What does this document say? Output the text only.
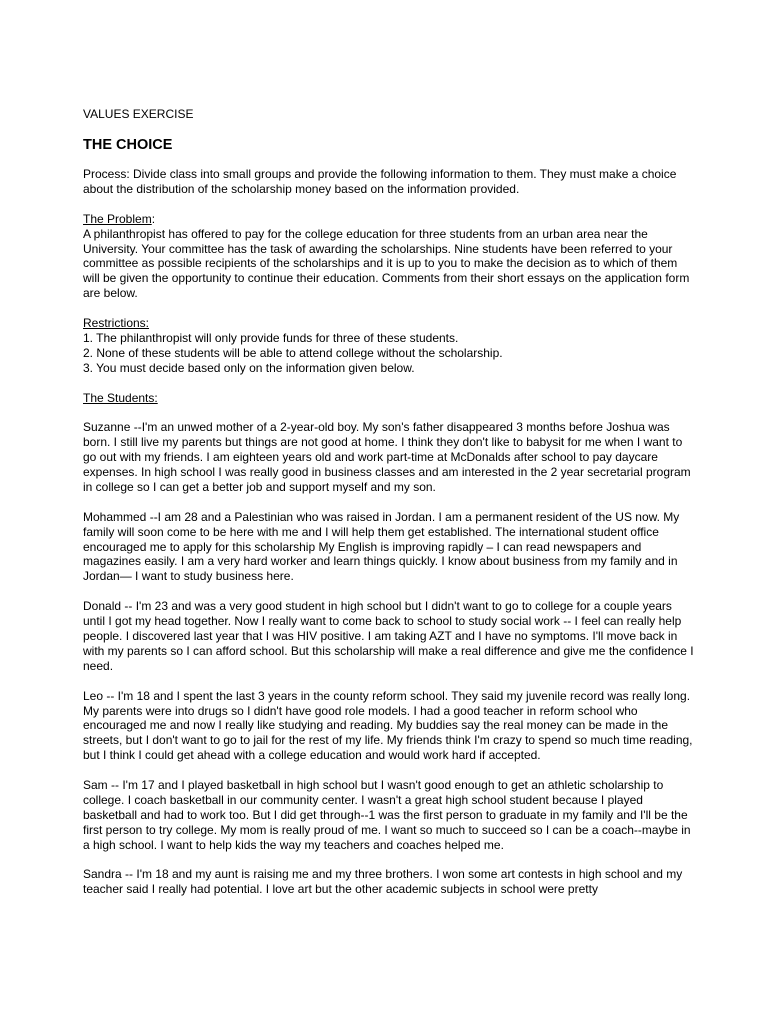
VALUES EXERCISE
THE CHOICE

Process: Divide class into small groups and provide the following information to them. They must make a choice about the distribution of the scholarship money based on the information provided.

The Problem:

A philanthropist has offered to pay for the college education for three students from an urban area near the University. Your committee has the task of awarding the scholarships. Nine students have been referred to your committee as possible recipients of the scholarships and it is up to you to make the decision as to which of them will be given the opportunity to continue their education. Comments from their short essays on the application form are below.

Restrictions:

1. The philanthropist will only provide funds for three of these students.
2. None of these students will be able to attend college without the scholarship.
3. You must decide based only on the information given below.

The Students:

Suzanne --I'm an unwed mother of a 2-year-old boy. My son's father disappeared 3 months before Joshua was born. I still live my parents but things are not good at home. I think they don't like to babysit for me when I want to go out with my friends. I am eighteen years old and work part-time at McDonalds after school to pay daycare expenses. In high school I was really good in business classes and am interested in the 2 year secretarial program in college so I can get a better job and support myself and my son.

Mohammed --I am 28 and a Palestinian who was raised in Jordan. I am a permanent resident of the US now. My family will soon come to be here with me and I will help them get established. The international student office encouraged me to apply for this scholarship My English is improving rapidly – I can read newspapers and magazines easily. I am a very hard worker and learn things quickly. I know about business from my family and in Jordan— I want to study business here.

Donald -- I'm 23 and was a very good student in high school but I didn't want to go to college for a couple years until I got my head together. Now I really want to come back to school to study social work -- I feel can really help people. I discovered last year that I was HIV positive. I am taking AZT and I have no symptoms. I'll move back in with my parents so I can afford school. But this scholarship will make a real difference and give me the confidence I need.

Leo -- I'm 18 and I spent the last 3 years in the county reform school. They said my juvenile record was really long. My parents were into drugs so I didn't have good role models. I had a good teacher in reform school who encouraged me and now I really like studying and reading. My buddies say the real money can be made in the streets, but I don't want to go to jail for the rest of my life. My friends think I'm crazy to spend so much time reading, but I think I could get ahead with a college education and would work hard if accepted.

Sam -- I'm 17 and I played basketball in high school but I wasn't good enough to get an athletic scholarship to college. I coach basketball in our community center. I wasn't a great high school student because I played basketball and had to work too. But I did get through--1 was the first person to graduate in my family and I'll be the first person to try college. My mom is really proud of me. I want so much to succeed so I can be a coach--maybe in a high school. I want to help kids the way my teachers and coaches helped me.

Sandra -- I'm 18 and my aunt is raising me and my three brothers. I won some art contests in high school and my teacher said I really had potential. I love art but the other academic subjects in school were pretty
